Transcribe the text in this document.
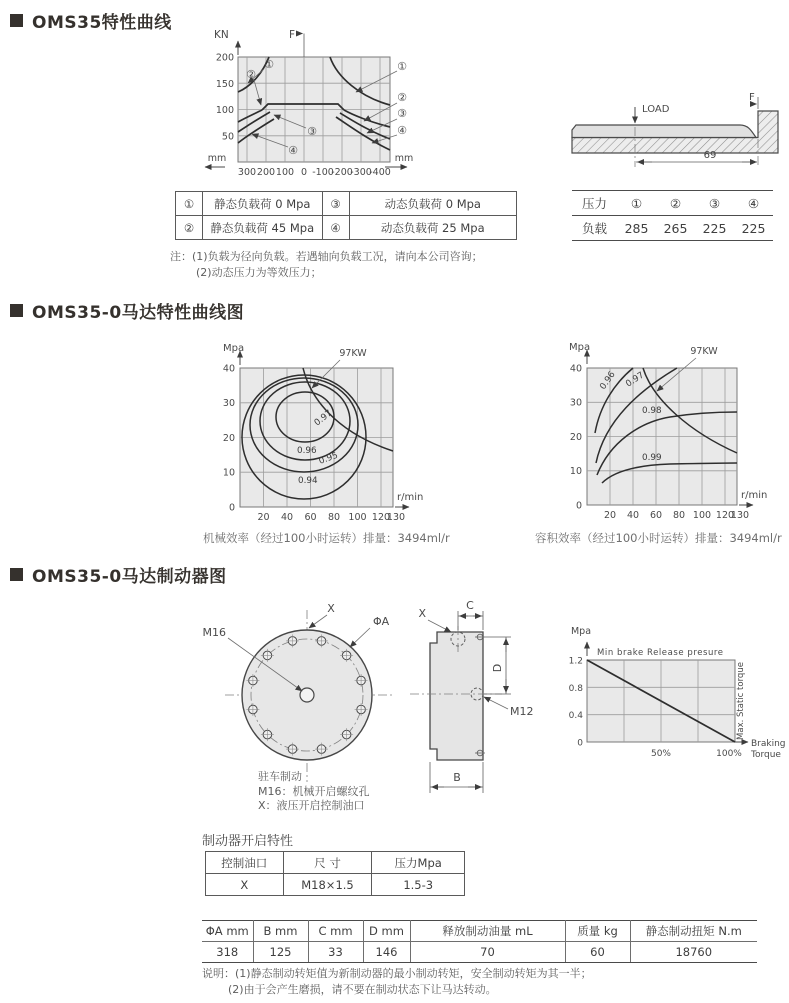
OMS35特性曲线
KN
200
150
100
50
F
mm	mm
300 200 100 0 -100
-200
-300
-400
①
②
③
④
①
②
③
④
LOAD
F
69
①	静态负载荷 0 Mpa	③	动态负载荷 0 Mpa
②	静态负载荷 45 Mpa	④	动态负载荷 25 Mpa
注：(1)负载为径向负载。若遇轴向负载工况，请向本公司咨询；
(2)动态压力为等效压力；
压力	①	②	③	④
负载	285	265	225	225
OMS35-0马达特性曲线图
0.97
0.96 0.95
0.94
97KW
Mpa
40
30
20
10
0
20 40 60 80 100 120
130
r/min
机械效率（经过100小时运转）排量：3494ml/r
0.96 0.97
0.98
0.99
97KW
Mpa
40
30
20
10
0
20 40 60 80 100 120
130
r/min
容积效率（经过100小时运转）排量：3494ml/r
OMS35-0马达制动器图
M16
X
ΦA
驻车制动
M16：机械开启螺纹孔
X：液压开启控制油口
C
X
D
M12
B
Mpa
Min brake Release presure
1.2
0.8
0.4
0
50%	100%
Braking
Torque
Max. Static torque
制动器开启特性
控制油口	尺 寸	压力Mpa
X	M18×1.5	1.5-3
ΦA mm	B mm	C mm	D mm	释放制动油量 mL	质量 kg	静态制动扭矩 N.m
318	125	33	146	70	60	18760
说明：(1)静态制动转矩值为新制动器的最小制动转矩，安全制动转矩为其一半；
(2)由于会产生磨损，请不要在制动状态下让马达转动。
